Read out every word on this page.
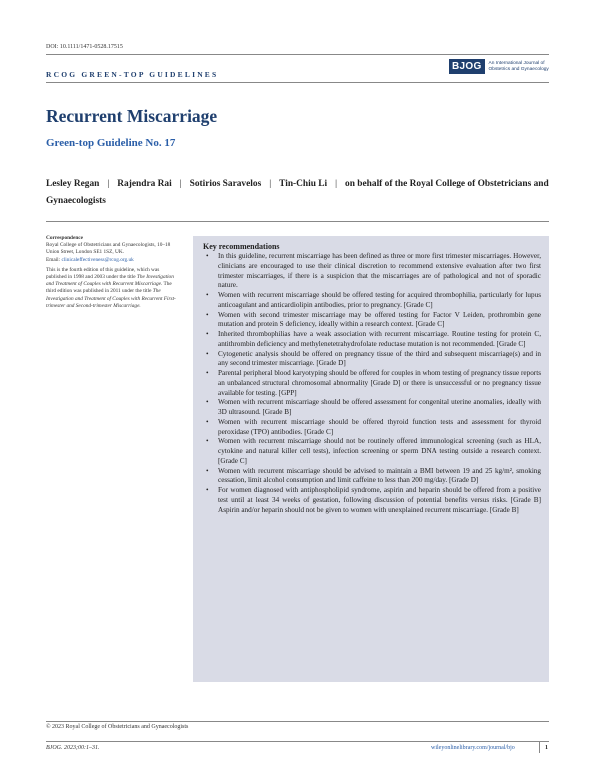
DOI: 10.1111/1471-0528.17515
BJOG	An International Journal of
Obstetrics and Gynaecology
RCOG GREEN-TOP GUIDELINES
Recurrent Miscarriage
Green-top Guideline No. 17
Lesley Regan | Rajendra Rai | Sotirios Saravelos | Tin-Chiu Li | on behalf of the Royal College of Obstetricians and Gynaecologists

Correspondence
Royal College of Obstetricians and Gynaecologists, 10–18 Union Street, London SE1 1SZ, UK.
Email: clinicaleffectiveness@rcog.org.uk

This is the fourth edition of this guideline, which was published in 1998 and 2003 under the title The Investigation and Treatment of Couples with Recurrent Miscarriage. The third edition was published in 2011 under the title The Investigation and Treatment of Couples with Recurrent First-trimester and Second-trimester Miscarriage.

Key recommendations
• In this guideline, recurrent miscarriage has been defined as three or more first trimester miscarriages. However, clinicians are encouraged to use their clinical discretion to recommend extensive evaluation after two first trimester miscarriages, if there is a suspicion that the miscarriages are of pathological and not of sporadic nature.
• Women with recurrent miscarriage should be offered testing for acquired thrombophilia, particularly for lupus anticoagulant and anticardiolipin antibodies, prior to pregnancy. [Grade C]
• Women with second trimester miscarriage may be offered testing for Factor V Leiden, prothrombin gene mutation and protein S deficiency, ideally within a research context. [Grade C]
• Inherited thrombophilias have a weak association with recurrent miscarriage. Routine testing for protein C, antithrombin deficiency and methylenetetrahydrofolate reductase mutation is not recommended. [Grade C]
• Cytogenetic analysis should be offered on pregnancy tissue of the third and subsequent miscarriage(s) and in any second trimester miscarriage. [Grade D]
• Parental peripheral blood karyotyping should be offered for couples in whom testing of pregnancy tissue reports an unbalanced structural chromosomal abnormality [Grade D] or there is unsuccessful or no pregnancy tissue available for testing. [GPP]
• Women with recurrent miscarriage should be offered assessment for congenital uterine anomalies, ideally with 3D ultrasound. [Grade B]
• Women with recurrent miscarriage should be offered thyroid function tests and assessment for thyroid peroxidase (TPO) antibodies. [Grade C]
• Women with recurrent miscarriage should not be routinely offered immunological screening (such as HLA, cytokine and natural killer cell tests), infection screening or sperm DNA testing outside a research context. [Grade C]
• Women with recurrent miscarriage should be advised to maintain a BMI between 19 and 25 kg/m², smoking cessation, limit alcohol consumption and limit caffeine to less than 200 mg/day. [Grade D]
• For women diagnosed with antiphospholipid syndrome, aspirin and heparin should be offered from a positive test until at least 34 weeks of gestation, following discussion of potential benefits versus risks. [Grade B] Aspirin and/or heparin should not be given to women with unexplained recurrent miscarriage. [Grade B]
© 2023 Royal College of Obstetricians and Gynaecologists
BJOG. 2023;00:1–31.	wileyonlinelibrary.com/journal/bjo	1
